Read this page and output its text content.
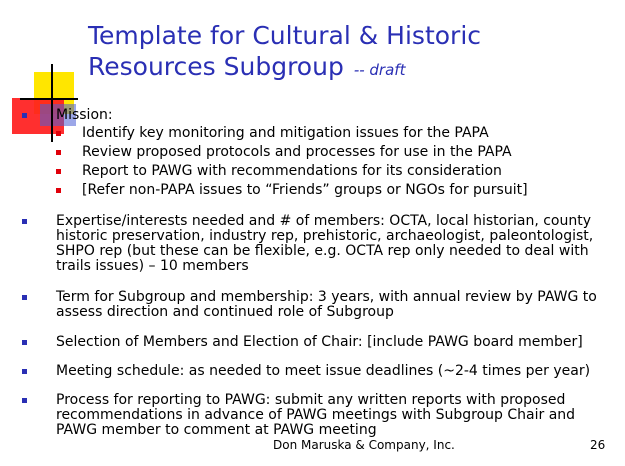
Template for Cultural & Historic
Resources Subgroup -- draft
Mission:
Identify key monitoring and mitigation issues for the PAPA
Review proposed protocols and processes for use in the PAPA
Report to PAWG with recommendations for its consideration
[Refer non-PAPA issues to “Friends” groups or NGOs for pursuit]
Expertise/interests needed and # of members: OCTA, local historian, county historic preservation, industry rep, prehistoric, archaeologist, paleontologist, SHPO rep (but these can be flexible, e.g. OCTA rep only needed to deal with trails issues) – 10 members
Term for Subgroup and membership: 3 years, with annual review by PAWG to assess direction and continued role of Subgroup
Selection of Members and Election of Chair: [include PAWG board member]
Meeting schedule: as needed to meet issue deadlines (~2-4 times per year)
Process for reporting to PAWG: submit any written reports with proposed recommendations in advance of PAWG meetings with Subgroup Chair and PAWG member to comment at PAWG meeting
Don Maruska & Company, Inc.	26
